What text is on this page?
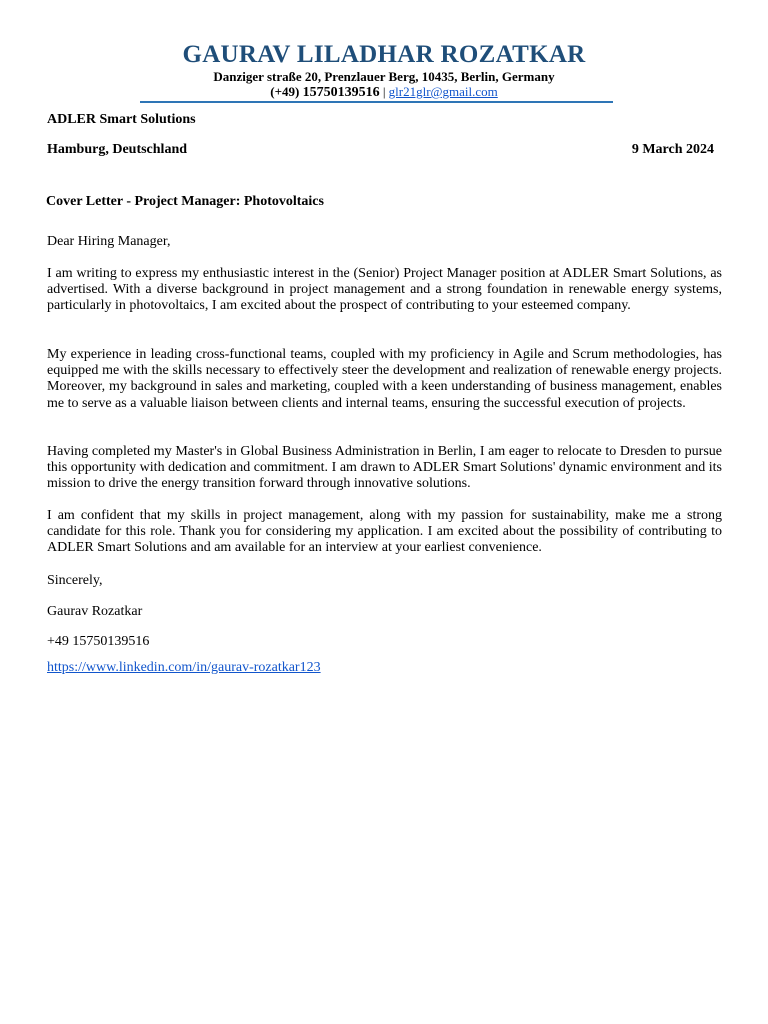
GAURAV LILADHAR ROZATKAR
Danziger straße 20, Prenzlauer Berg, 10435, Berlin, Germany
(+49) 15750139516 | glr21glr@gmail.com
ADLER Smart Solutions
Hamburg, Deutschland	9 March 2024
Cover Letter - Project Manager: Photovoltaics
Dear Hiring Manager,
I am writing to express my enthusiastic interest in the (Senior) Project Manager position at ADLER Smart Solutions, as advertised. With a diverse background in project management and a strong foundation in renewable energy systems, particularly in photovoltaics, I am excited about the prospect of contributing to your esteemed company.
My experience in leading cross-functional teams, coupled with my proficiency in Agile and Scrum methodologies, has equipped me with the skills necessary to effectively steer the development and realization of renewable energy projects. Moreover, my background in sales and marketing, coupled with a keen understanding of business management, enables me to serve as a valuable liaison between clients and internal teams, ensuring the successful execution of projects.
Having completed my Master's in Global Business Administration in Berlin, I am eager to relocate to Dresden to pursue this opportunity with dedication and commitment. I am drawn to ADLER Smart Solutions' dynamic environment and its mission to drive the energy transition forward through innovative solutions.
I am confident that my skills in project management, along with my passion for sustainability, make me a strong candidate for this role. Thank you for considering my application. I am excited about the possibility of contributing to ADLER Smart Solutions and am available for an interview at your earliest convenience.
Sincerely,
Gaurav Rozatkar
+49 15750139516
https://www.linkedin.com/in/gaurav-rozatkar123
